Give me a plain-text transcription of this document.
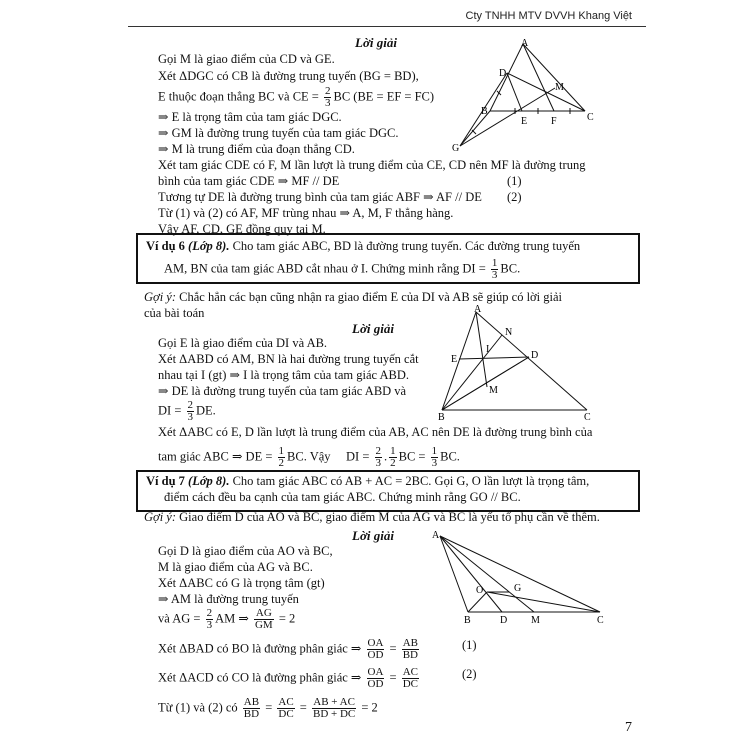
Cty TNHH MTV DVVH Khang Việt
Lời giải
Gọi M là giao điểm của CD và GE.
Xét ΔDGC có CB là đường trung tuyến (BG = BD),
E thuộc đoạn thẳng BC và CE = $\frac{2}{3}$ BC (BE = EF = FC)
⇒ E là trọng tâm của tam giác DGC.
⇒ GM là đường trung tuyến của tam giác DGC.
⇒ M là trung điểm của đoạn thẳng CD.
Xét tam giác CDE có F, M lần lượt là trung điểm của CE, CD nên MF là đường trung
bình của tam giác CDE ⇒ MF // DE	(1)
Tương tự DE là đường trung bình của tam giác ABF ⇒ AF // DE (2)
Từ (1) và (2) có AF, MF trùng nhau ⇒ A, M, F thẳng hàng.
Vậy AF, CD, GE đồng quy tại M.
A
D
M
B
E F	C
G
Ví dụ 6 (Lớp 8). Cho tam giác ABC, BD là đường trung tuyến. Các đường trung tuyến
AM, BN của tam giác ABD cắt nhau ở I. Chứng minh rằng DI = $\frac{1}{3}$ BC.
Gợi ý: Chắc hẳn các bạn cũng nhận ra giao điểm E của DI và AB sẽ giúp có lời giải
của bài toán
Lời giải
Gọi E là giao điểm của DI và AB.
Xét ΔABD có AM, BN là hai đường trung tuyến cắt
nhau tại I (gt) ⇒ I là trọng tâm của tam giác ABD.
⇒ DE là đường trung tuyến của tam giác ABD và
DI = $\frac{2}{3}$ DE.
Xét ΔABC có E, D lần lượt là trung điểm của AB, AC nên DE là đường trung bình của
tam giác ABC ⇒ DE = $\frac{1}{2}$ BC. Vậy DI = $\frac{2}{3}$ . $\frac{1}{2}$ BC = $\frac{1}{3}$ BC.
A
N
E
I
D
M
B	C
Ví dụ 7 (Lớp 8). Cho tam giác ABC có AB + AC = 2BC. Gọi G, O lần lượt là trọng tâm,
điểm cách đều ba cạnh của tam giác ABC. Chứng minh rằng GO // BC.
Gợi ý: Giao điểm D của AO và BC, giao điểm M của AG và BC là yếu tố phụ cần về thêm.
Lời giải
Gọi D là giao điểm của AO và BC,
M là giao điểm của AG và BC.
Xét ΔABC có G là trọng tâm (gt)
⇒ AM là đường trung tuyến
và AG = $\frac{2}{3}$ AM ⇒ $\frac{AG}{GM} = 2$
Xét ΔBAD có BO là đường phân giác ⇒ $\frac{OA}{OD} = \frac{AB}{BD}$	(1)
Xét ΔACD có CO là đường phân giác ⇒ $\frac{OA}{OD} = \frac{AC}{DC}$	(2)
Từ (1) và (2) có $\frac{AB}{BD} = \frac{AC}{DC} = \frac{AB + AC}{BD + DC} = 2$
A
O	G
B	D M	C
7
